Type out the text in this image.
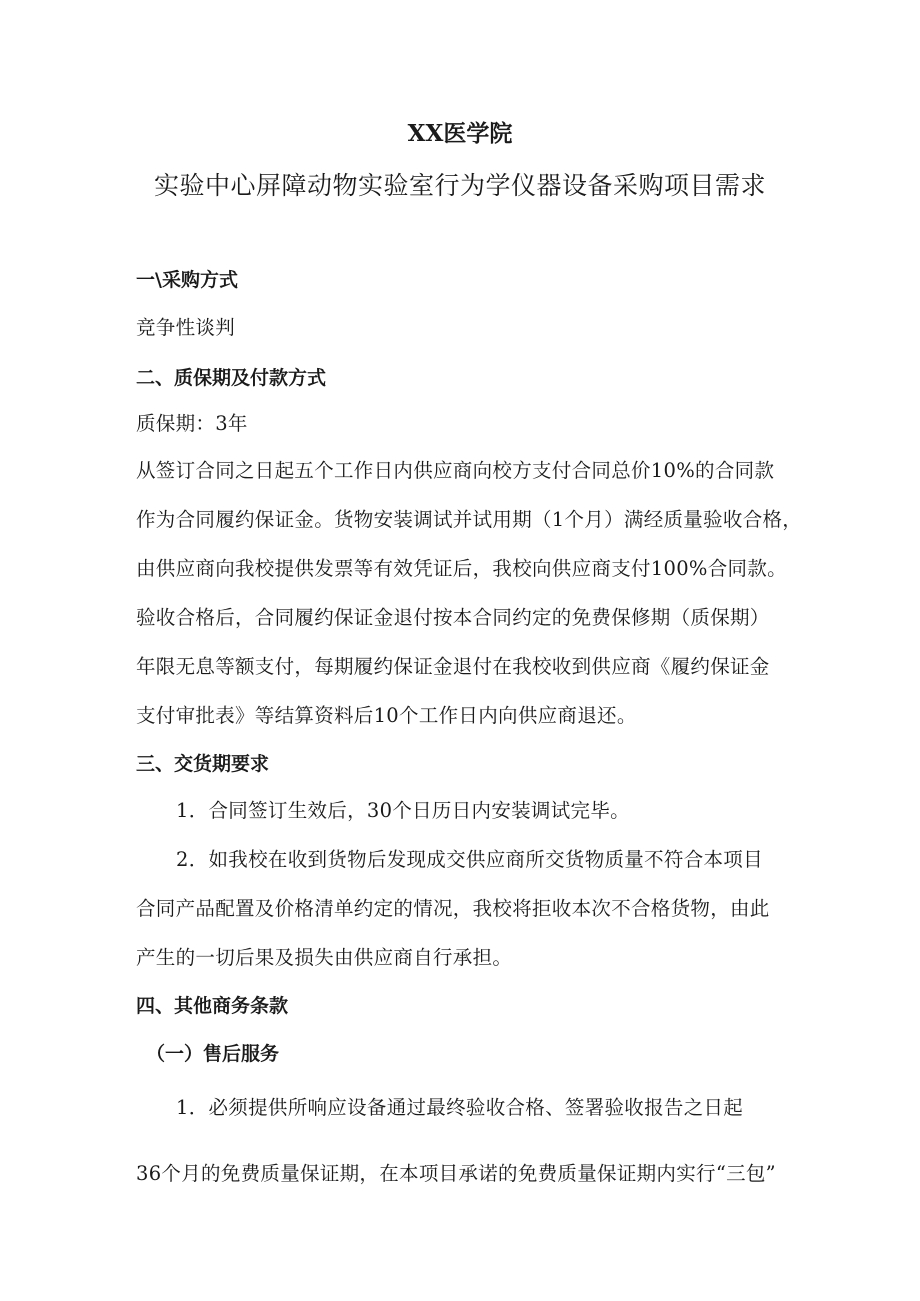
XX医学院
实验中心屏障动物实验室行为学仪器设备采购项目需求
一\采购方式
竞争性谈判
二、质保期及付款方式
质保期：3年
从签订合同之日起五个工作日内供应商向校方支付合同总价10%的合同款
作为合同履约保证金。货物安装调试并试用期（1个月）满经质量验收合格，
由供应商向我校提供发票等有效凭证后，我校向供应商支付100%合同款。
验收合格后，合同履约保证金退付按本合同约定的免费保修期（质保期）
年限无息等额支付，每期履约保证金退付在我校收到供应商《履约保证金
支付审批表》等结算资料后10个工作日内向供应商退还。
三、交货期要求
1．合同签订生效后，30个日历日内安装调试完毕。
2．如我校在收到货物后发现成交供应商所交货物质量不符合本项目
合同产品配置及价格清单约定的情况，我校将拒收本次不合格货物，由此
产生的一切后果及损失由供应商自行承担。
四、其他商务条款
（一）售后服务
1．必须提供所响应设备通过最终验收合格、签署验收报告之日起
36个月的免费质量保证期，在本项目承诺的免费质量保证期内实行“三包”
